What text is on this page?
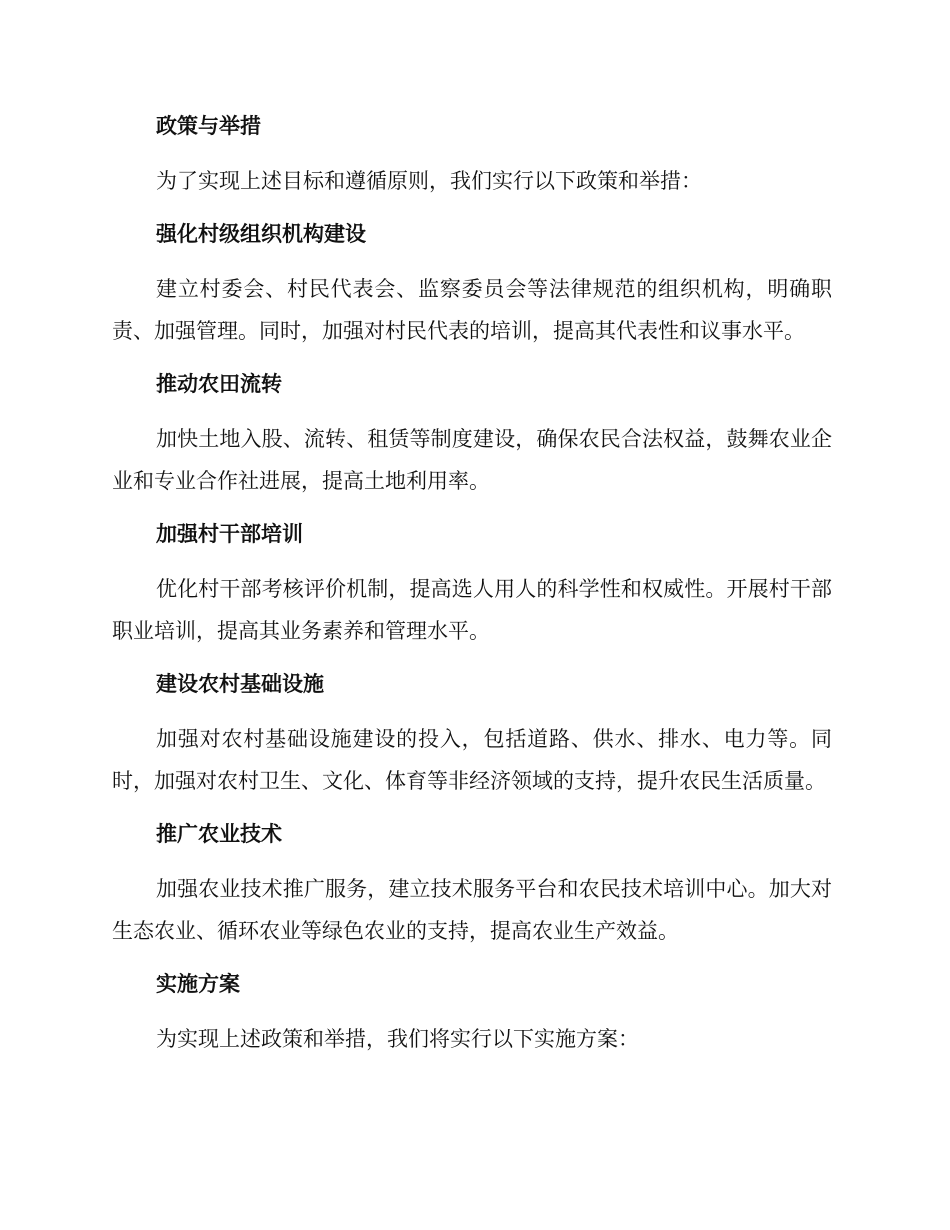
政策与举措

为了实现上述目标和遵循原则，我们实行以下政策和举措：

强化村级组织机构建设

建立村委会、村民代表会、监察委员会等法律规范的组织机构，明确职责、加强管理。同时，加强对村民代表的培训，提高其代表性和议事水平。

推动农田流转

加快土地入股、流转、租赁等制度建设，确保农民合法权益，鼓舞农业企业和专业合作社进展，提高土地利用率。

加强村干部培训

优化村干部考核评价机制，提高选人用人的科学性和权威性。开展村干部职业培训，提高其业务素养和管理水平。

建设农村基础设施

加强对农村基础设施建设的投入，包括道路、供水、排水、电力等。同时，加强对农村卫生、文化、体育等非经济领域的支持，提升农民生活质量。

推广农业技术

加强农业技术推广服务，建立技术服务平台和农民技术培训中心。加大对生态农业、循环农业等绿色农业的支持，提高农业生产效益。

实施方案

为实现上述政策和举措，我们将实行以下实施方案：
